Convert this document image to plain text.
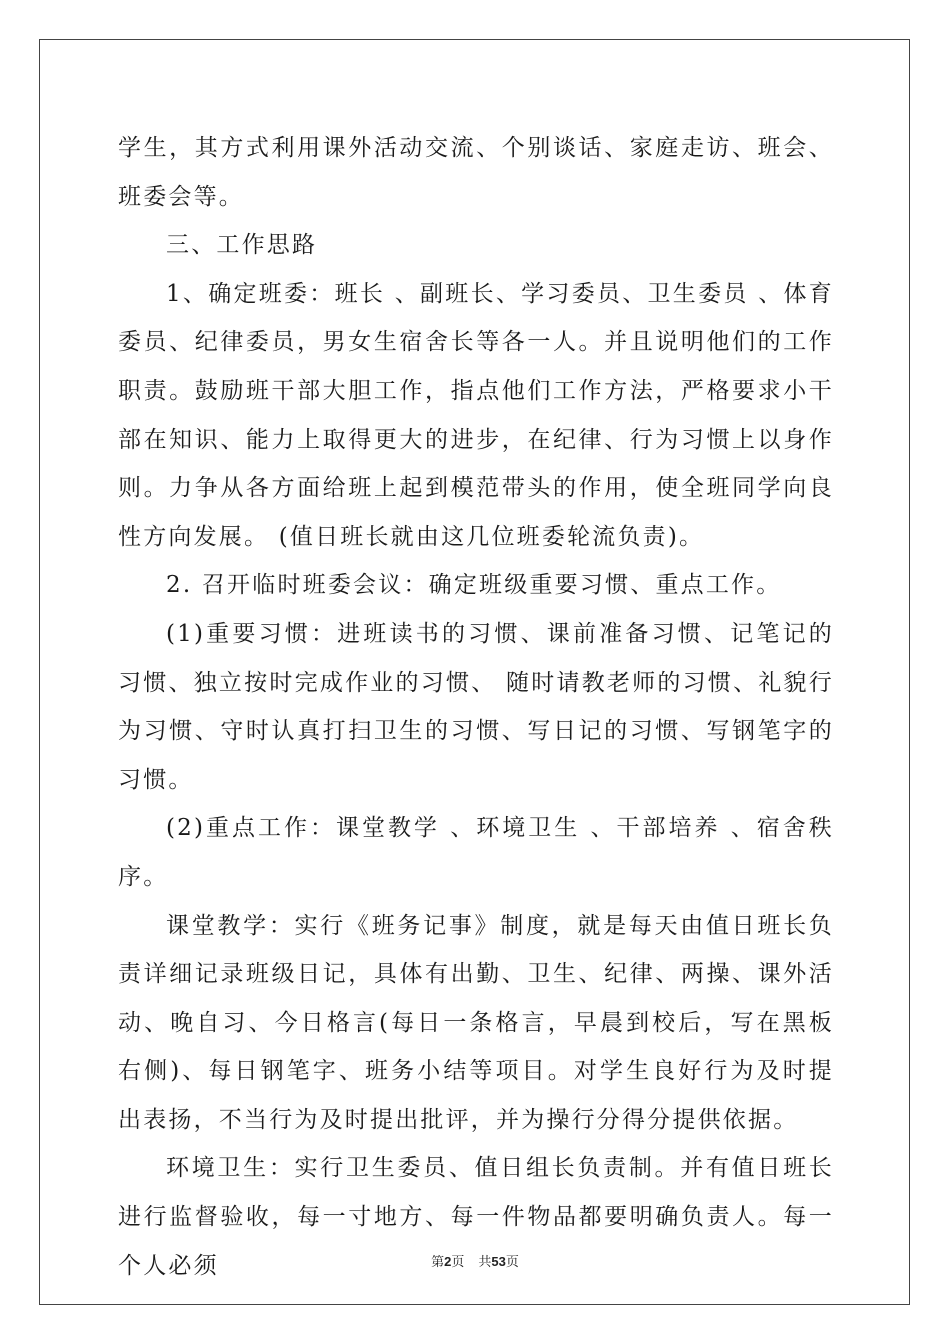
学生，其方式利用课外活动交流、个别谈话、家庭走访、班会、班委会等。

三、工作思路

1、确定班委：班长 、副班长、学习委员、卫生委员 、体育委员、纪律委员，男女生宿舍长等各一人。并且说明他们的工作职责。鼓励班干部大胆工作，指点他们工作方法，严格要求小干部在知识、能力上取得更大的进步，在纪律、行为习惯上以身作则。力争从各方面给班上起到模范带头的作用，使全班同学向良性方向发展。 (值日班长就由这几位班委轮流负责)。

2. 召开临时班委会议：确定班级重要习惯、重点工作。

(1)重要习惯：进班读书的习惯、课前准备习惯、记笔记的习惯、独立按时完成作业的习惯、 随时请教老师的习惯、礼貌行为习惯、守时认真打扫卫生的习惯、写日记的习惯、写钢笔字的习惯。

(2)重点工作：课堂教学 、环境卫生 、干部培养 、宿舍秩序。

课堂教学：实行《班务记事》制度，就是每天由值日班长负责详细记录班级日记，具体有出勤、卫生、纪律、两操、课外活动、晚自习、今日格言(每日一条格言，早晨到校后，写在黑板右侧)、每日钢笔字、班务小结等项目。对学生良好行为及时提出表扬，不当行为及时提出批评，并为操行分得分提供依据。

环境卫生：实行卫生委员、值日组长负责制。并有值日班长进行监督验收，每一寸地方、每一件物品都要明确负责人。每一个人必须	第2页 共53页
